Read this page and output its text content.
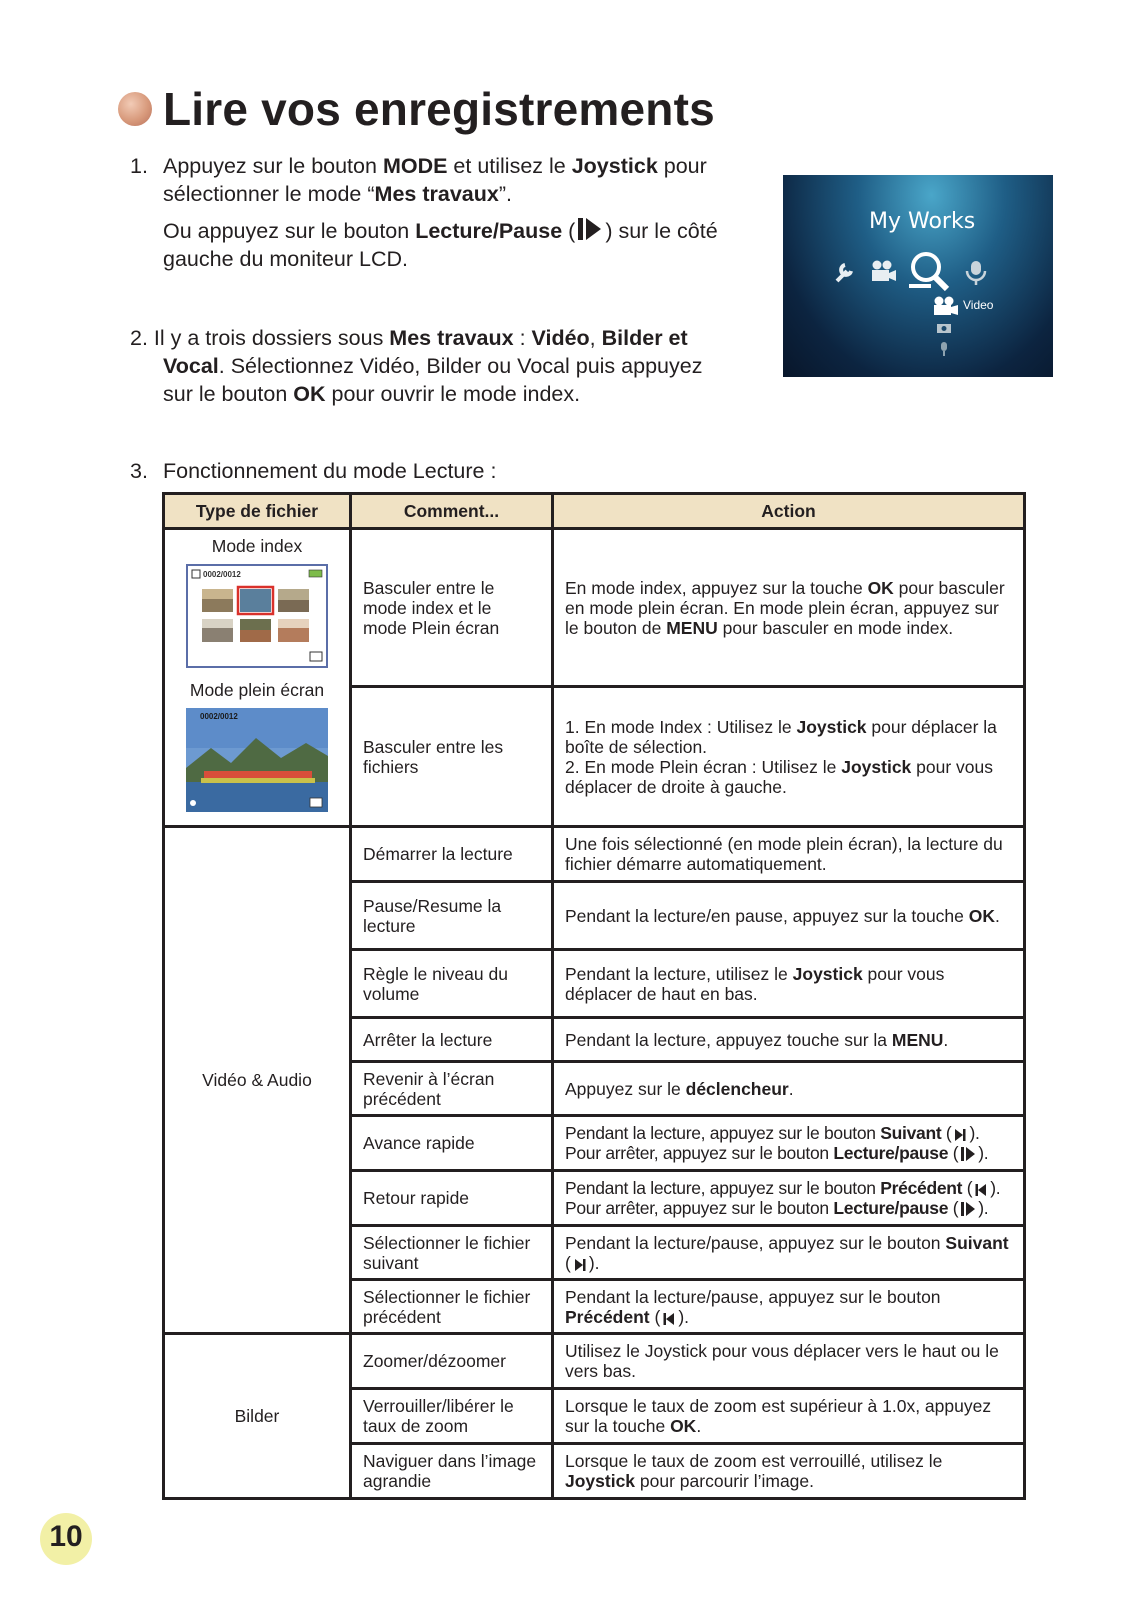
Lire vos enregistrements
1. Appuyez sur le bouton MODE et utilisez le Joystick pour
sélectionner le mode “Mes travaux”.
Ou appuyez sur le bouton Lecture/Pause ( ) sur le côté
gauche du moniteur LCD.
2. Il y a trois dossiers sous Mes travaux : Vidéo, Bilder et
Vocal. Sélectionnez Vidéo, Bilder ou Vocal puis appuyez
sur le bouton OK pour ouvrir le mode index.
3. Fonctionnement du mode Lecture :
My Works
Video
Type de fichier	Comment...	Action

Mode index
0002/0012
Mode plein écran
0002/0012	Basculer entre le mode index et le mode Plein écran	En mode index, appuyez sur la touche OK pour basculer en mode plein écran. En mode plein écran, appuyez sur le bouton de MENU pour basculer en mode index.
	Basculer entre les fichiers	1. En mode Index : Utilisez le Joystick pour déplacer la boîte de sélection.
2. En mode Plein écran : Utilisez le Joystick pour vous déplacer de droite à gauche.
Vidéo & Audio	Démarrer la lecture	Une fois sélectionné (en mode plein écran), la lecture du fichier démarre automatiquement.
	Pause/Resume la lecture	Pendant la lecture/en pause, appuyez sur la touche OK.
	Règle le niveau du volume	Pendant la lecture, utilisez le Joystick pour vous déplacer de haut en bas.
	Arrêter la lecture	Pendant la lecture, appuyez touche sur la MENU.
	Revenir à l’écran précédent	Appuyez sur le déclencheur.
	Avance rapide	Pendant la lecture, appuyez sur le bouton Suivant ( ).
Pour arrêter, appuyez sur le bouton Lecture/pause ( ).
	Retour rapide	Pendant la lecture, appuyez sur le bouton Précédent ( ).
Pour arrêter, appuyez sur le bouton Lecture/pause ( ).
	Sélectionner le fichier suivant	Pendant la lecture/pause, appuyez sur le bouton Suivant ( ).
	Sélectionner le fichier précédent	Pendant la lecture/pause, appuyez sur le bouton Précédent ( ).
Bilder	Zoomer/dézoomer	Utilisez le Joystick pour vous déplacer vers le haut ou le vers bas.
	Verrouiller/libérer le taux de zoom	Lorsque le taux de zoom est supérieur à 1.0x, appuyez sur la touche OK.
	Naviguer dans l’image agrandie	Lorsque le taux de zoom est verrouillé, utilisez le Joystick pour parcourir l’image.
10
